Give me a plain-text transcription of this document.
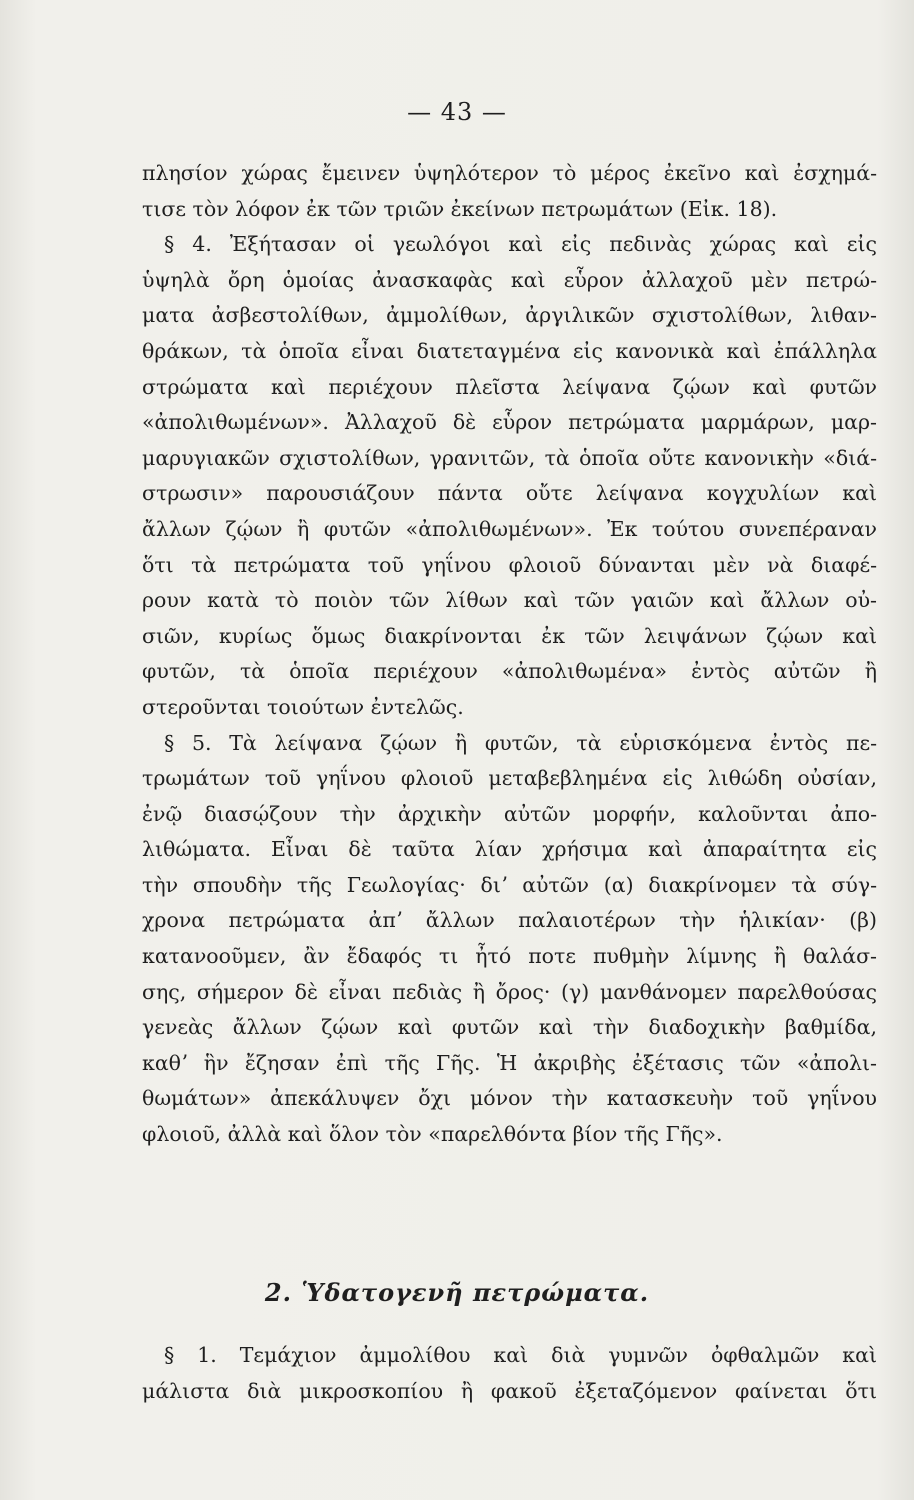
— 43 —
πλησίον χώρας ἔμεινεν ὑψηλότερον τὸ μέρος ἐκεῖνο καὶ ἐσχημά-
τισε τὸν λόφον ἐκ τῶν τριῶν ἐκείνων πετρωμάτων (Εἰκ. 18).
§ 4. Ἐξήτασαν οἱ γεωλόγοι καὶ εἰς πεδινὰς χώρας καὶ εἰς
ὑψηλὰ ὄρη ὁμοίας ἀνασκαφὰς καὶ εὗρον ἀλλαχοῦ μὲν πετρώ-
ματα ἀσβεστολίθων, ἀμμολίθων, ἀργιλικῶν σχιστολίθων, λιθαν-
θράκων, τὰ ὁποῖα εἶναι διατεταγμένα εἰς κανονικὰ καὶ ἐπάλληλα
στρώματα καὶ περιέχουν πλεῖστα λείψανα ζῴων καὶ φυτῶν
«ἀπολιθωμένων». Ἀλλαχοῦ δὲ εὗρον πετρώματα μαρμάρων, μαρ-
μαρυγιακῶν σχιστολίθων, γρανιτῶν, τὰ ὁποῖα οὔτε κανονικὴν «διά-
στρωσιν» παρουσιάζουν πάντα οὔτε λείψανα κογχυλίων καὶ
ἄλλων ζῴων ἢ φυτῶν «ἀπολιθωμένων». Ἐκ τούτου συνεπέραναν
ὅτι τὰ πετρώματα τοῦ γηΐνου φλοιοῦ δύνανται μὲν νὰ διαφέ-
ρουν κατὰ τὸ ποιὸν τῶν λίθων καὶ τῶν γαιῶν καὶ ἄλλων οὐ-
σιῶν, κυρίως ὅμως διακρίνονται ἐκ τῶν λειψάνων ζῴων καὶ
φυτῶν, τὰ ὁποῖα περιέχουν «ἀπολιθωμένα» ἐντὸς αὐτῶν ἢ
στεροῦνται τοιούτων ἐντελῶς.
§ 5. Τὰ λείψανα ζῴων ἢ φυτῶν, τὰ εὑρισκόμενα ἐντὸς πε-
τρωμάτων τοῦ γηΐνου φλοιοῦ μεταβεβλημένα εἰς λιθώδη οὐσίαν,
ἐνῷ διασῴζουν τὴν ἀρχικὴν αὐτῶν μορφήν, καλοῦνται ἀπο-
λιθώματα. Εἶναι δὲ ταῦτα λίαν χρήσιμα καὶ ἀπαραίτητα εἰς
τὴν σπουδὴν τῆς Γεωλογίας· διʼ αὐτῶν (α) διακρίνομεν τὰ σύγ-
χρονα πετρώματα ἀπʼ ἄλλων παλαιοτέρων τὴν ἡλικίαν· (β)
κατανοοῦμεν, ἂν ἔδαφός τι ἦτό ποτε πυθμὴν λίμνης ἢ θαλάσ-
σης, σήμερον δὲ εἶναι πεδιὰς ἢ ὄρος· (γ) μανθάνομεν παρελθούσας
γενεὰς ἄλλων ζῴων καὶ φυτῶν καὶ τὴν διαδοχικὴν βαθμίδα,
καθʼ ἣν ἔζησαν ἐπὶ τῆς Γῆς. Ἡ ἀκριβὴς ἐξέτασις τῶν «ἀπολι-
θωμάτων» ἀπεκάλυψεν ὄχι μόνον τὴν κατασκευὴν τοῦ γηΐνου
φλοιοῦ, ἀλλὰ καὶ ὅλον τὸν «παρελθόντα βίον τῆς Γῆς».
2. Ὑδατογενῆ πετρώματα.
§ 1. Τεμάχιον ἀμμολίθου καὶ διὰ γυμνῶν ὀφθαλμῶν καὶ
μάλιστα διὰ μικροσκοπίου ἢ φακοῦ ἐξεταζόμενον φαίνεται ὅτι
